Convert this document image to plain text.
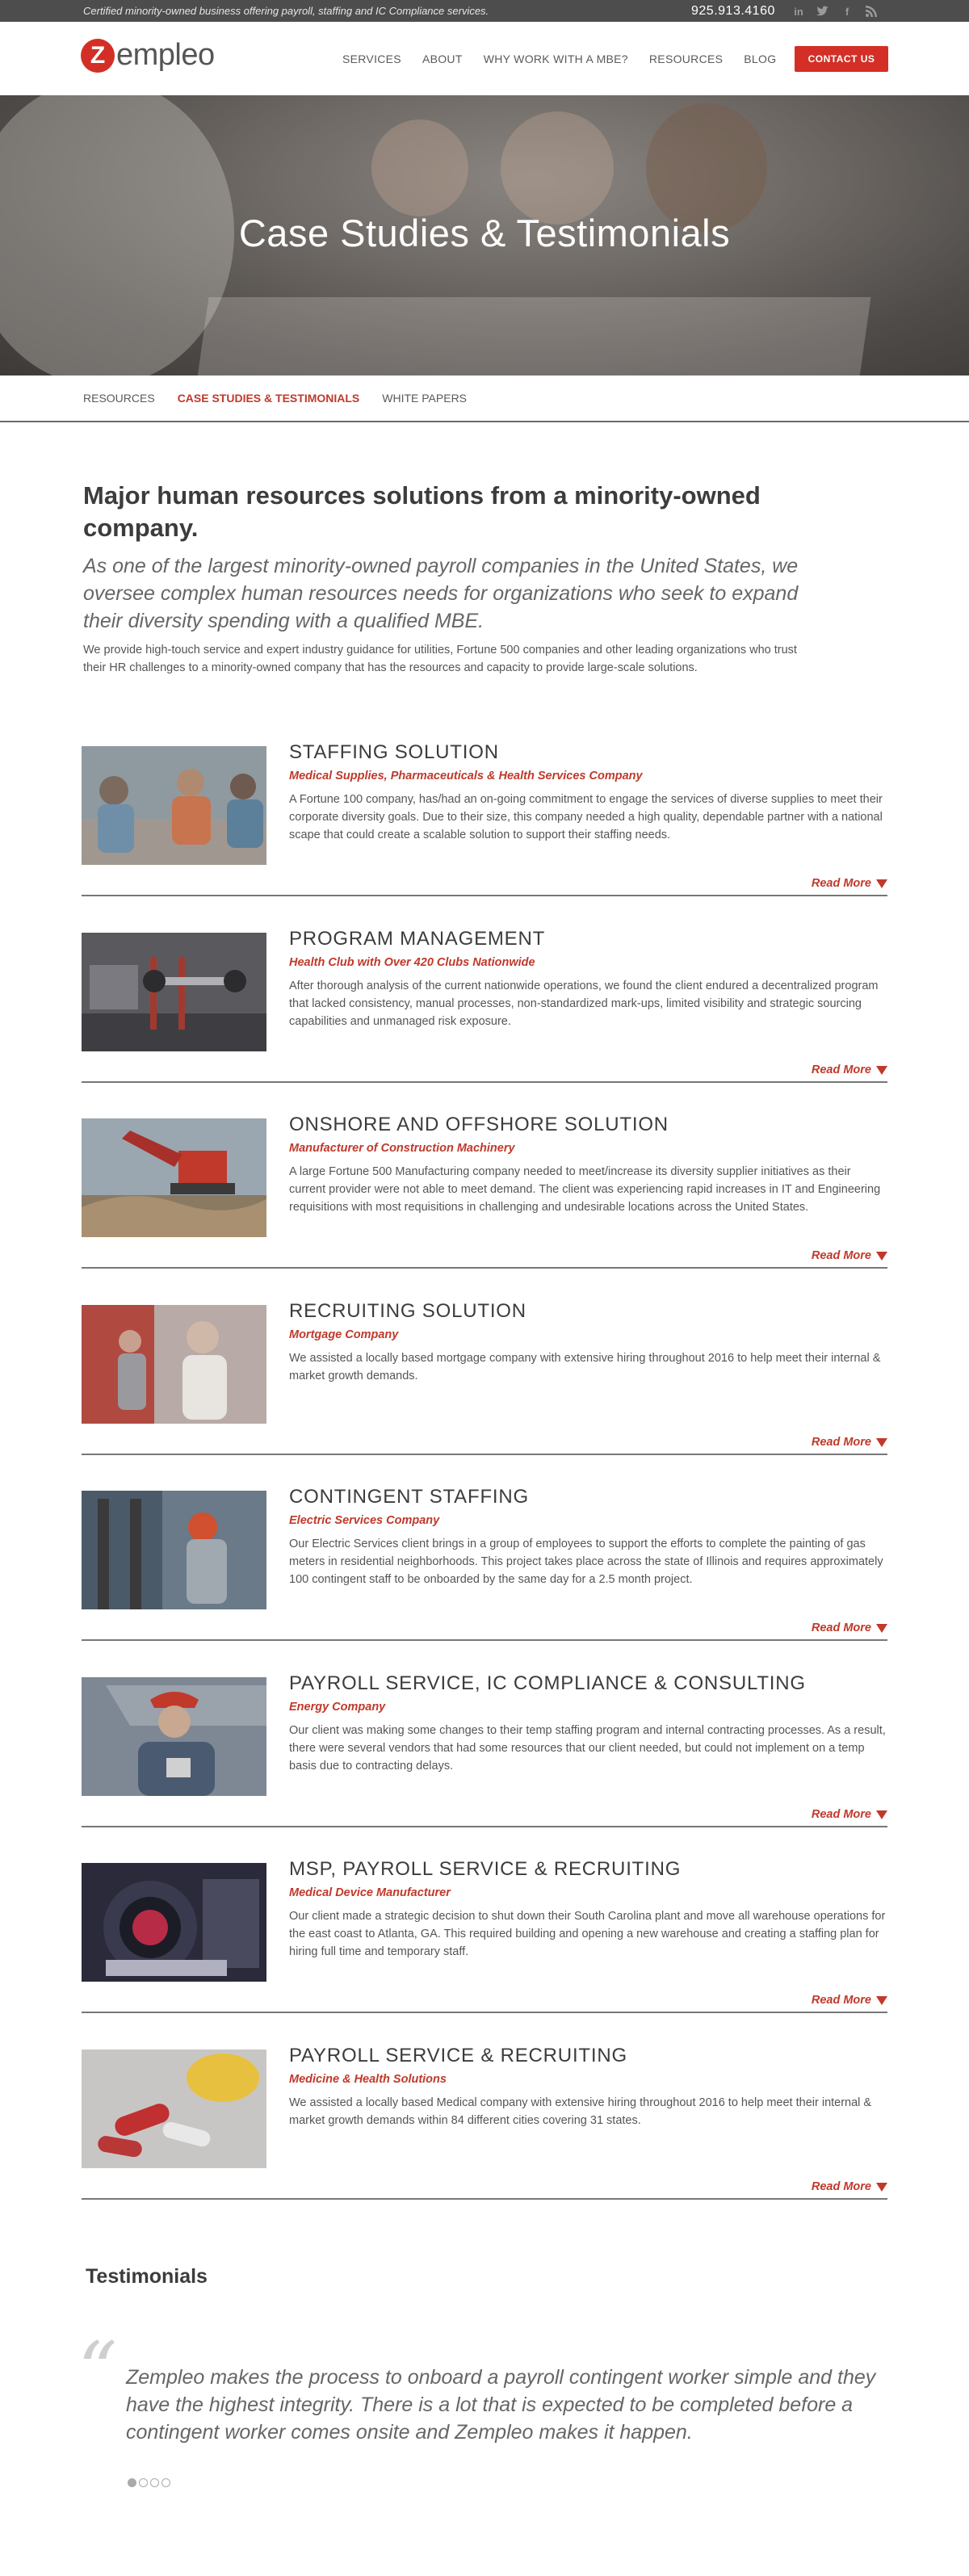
Certified minority-owned business offering payroll, staffing and IC Compliance services.	925.913.4160 in	f
Z empleo	SERVICES ABOUT WHY WORK WITH A MBE? RESOURCES BLOG	CONTACT US
Case Studies & Testimonials
RESOURCES CASE STUDIES & TESTIMONIALS WHITE PAPERS
Major human resources solutions from a minority-owned company.

As one of the largest minority-owned payroll companies in the United States, we oversee complex human resources needs for organizations who seek to expand their diversity spending with a qualified MBE.

We provide high-touch service and expert industry guidance for utilities, Fortune 500 companies and other leading organizations who trust their HR challenges to a minority-owned company that has the resources and capacity to provide large-scale solutions.

STAFFING SOLUTION
Medical Supplies, Pharmaceuticals & Health Services Company

A Fortune 100 company, has/had an on-going commitment to engage the services of diverse supplies to meet their corporate diversity goals. Due to their size, this company needed a high quality, dependable partner with a national scape that could create a scalable solution to support their staffing needs.

Read More
PROGRAM MANAGEMENT
Health Club with Over 420 Clubs Nationwide

After thorough analysis of the current nationwide operations, we found the client endured a decentralized program that lacked consistency, manual processes, non-standardized mark-ups, limited visibility and strategic sourcing capabilities and unmanaged risk exposure.

Read More
ONSHORE AND OFFSHORE SOLUTION
Manufacturer of Construction Machinery

A large Fortune 500 Manufacturing company needed to meet/increase its diversity supplier initiatives as their current provider were not able to meet demand. The client was experiencing rapid increases in IT and Engineering requisitions with most requisitions in challenging and undesirable locations across the United States.

Read More
RECRUITING SOLUTION
Mortgage Company

We assisted a locally based mortgage company with extensive hiring throughout 2016 to help meet their internal & market growth demands.

Read More
CONTINGENT STAFFING
Electric Services Company

Our Electric Services client brings in a group of employees to support the efforts to complete the painting of gas meters in residential neighborhoods. This project takes place across the state of Illinois and requires approximately 100 contingent staff to be onboarded by the same day for a 2.5 month project.

Read More
PAYROLL SERVICE, IC COMPLIANCE & CONSULTING
Energy Company

Our client was making some changes to their temp staffing program and internal contracting processes. As a result, there were several vendors that had some resources that our client needed, but could not implement on a temp basis due to contracting delays.

Read More
MSP, PAYROLL SERVICE & RECRUITING
Medical Device Manufacturer

Our client made a strategic decision to shut down their South Carolina plant and move all warehouse operations for the east coast to Atlanta, GA. This required building and opening a new warehouse and creating a staffing plan for hiring full time and temporary staff.

Read More
PAYROLL SERVICE & RECRUITING
Medicine & Health Solutions

We assisted a locally based Medical company with extensive hiring throughout 2016 to help meet their internal & market growth demands within 84 different cities covering 31 states.

Read More
Testimonials
“ Zempleo makes the process to onboard a payroll contingent worker simple and they have the highest integrity. There is a lot that is expected to be completed before a contingent worker comes onsite and Zempleo makes it happen.
